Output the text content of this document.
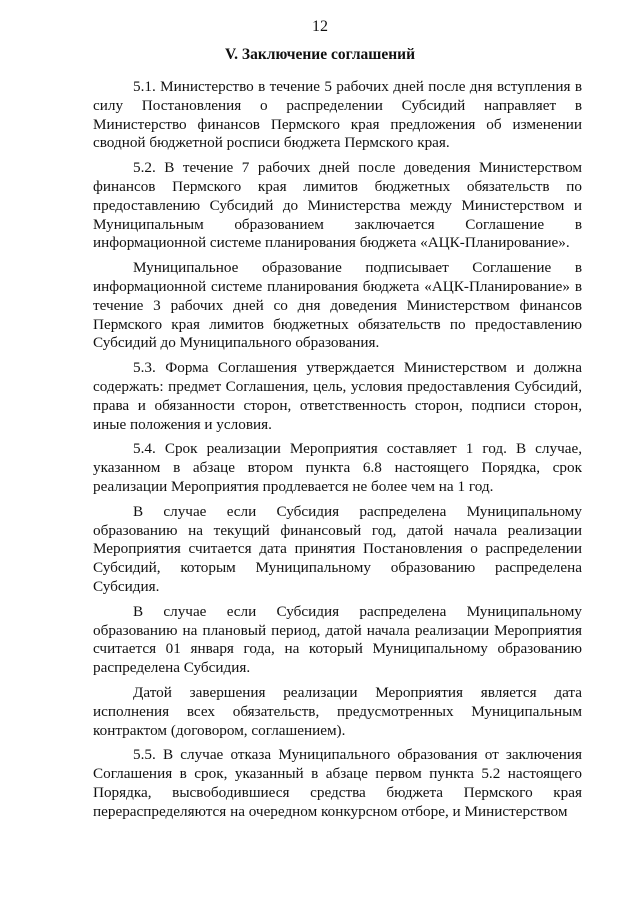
12
V. Заключение соглашений

5.1. Министерство в течение 5 рабочих дней после дня вступления в силу Постановления о распределении Субсидий направляет в Министерство финансов Пермского края предложения об изменении сводной бюджетной росписи бюджета Пермского края.

5.2. В течение 7 рабочих дней после доведения Министерством финансов Пермского края лимитов бюджетных обязательств по предоставлению Субсидий до Министерства между Министерством и Муниципальным образованием заключается Соглашение в информационной системе планирования бюджета «АЦК-Планирование».

Муниципальное образование подписывает Соглашение в информационной системе планирования бюджета «АЦК-Планирование» в течение 3 рабочих дней со дня доведения Министерством финансов Пермского края лимитов бюджетных обязательств по предоставлению Субсидий до Муниципального образования.

5.3. Форма Соглашения утверждается Министерством и должна содержать: предмет Соглашения, цель, условия предоставления Субсидий, права и обязанности сторон, ответственность сторон, подписи сторон, иные положения и условия.

5.4. Срок реализации Мероприятия составляет 1 год. В случае, указанном в абзаце втором пункта 6.8 настоящего Порядка, срок реализации Мероприятия продлевается не более чем на 1 год.

В случае если Субсидия распределена Муниципальному образованию на текущий финансовый год, датой начала реализации Мероприятия считается дата принятия Постановления о распределении Субсидий, которым Муниципальному образованию распределена Субсидия.

В случае если Субсидия распределена Муниципальному образованию на плановый период, датой начала реализации Мероприятия считается 01 января года, на который Муниципальному образованию распределена Субсидия.

Датой завершения реализации Мероприятия является дата исполнения всех обязательств, предусмотренных Муниципальным контрактом (договором, соглашением).

5.5. В случае отказа Муниципального образования от заключения Соглашения в срок, указанный в абзаце первом пункта 5.2 настоящего Порядка, высвободившиеся средства бюджета Пермского края перераспределяются на очередном конкурсном отборе, и Министерством
